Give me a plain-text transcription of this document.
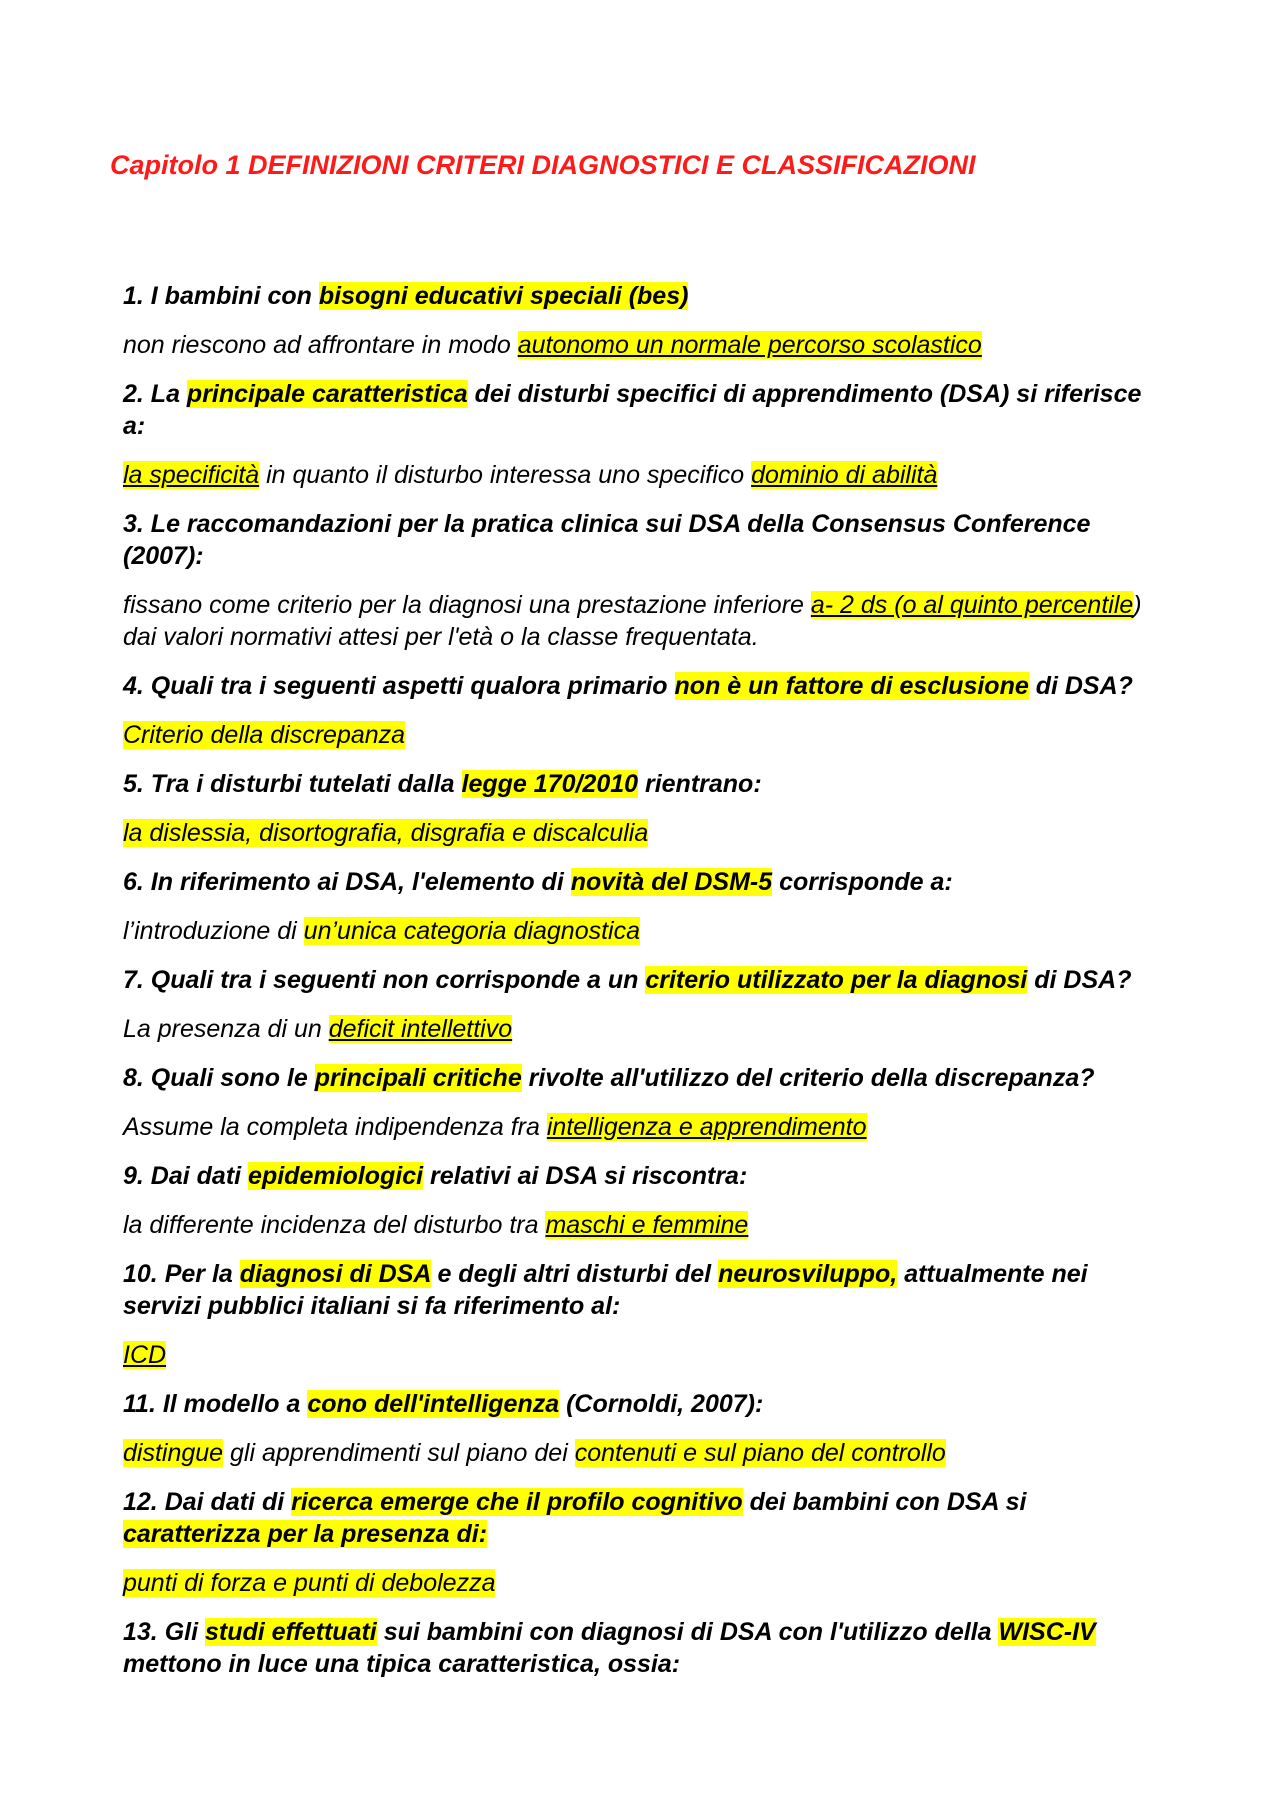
Capitolo 1 DEFINIZIONI CRITERI DIAGNOSTICI E CLASSIFICAZIONI

1. I bambini con bisogni educativi speciali (bes)

non riescono ad affrontare in modo autonomo un normale percorso scolastico

2. La principale caratteristica dei disturbi specifici di apprendimento (DSA) si riferisce a:

la specificità in quanto il disturbo interessa uno specifico dominio di abilità

3. Le raccomandazioni per la pratica clinica sui DSA della Consensus Conference (2007):

fissano come criterio per la diagnosi una prestazione inferiore a- 2 ds (o al quinto percentile) dai valori normativi attesi per l'età o la classe frequentata.

4. Quali tra i seguenti aspetti qualora primario non è un fattore di esclusione di DSA?

Criterio della discrepanza

5. Tra i disturbi tutelati dalla legge 170/2010 rientrano:

la dislessia, disortografia, disgrafia e discalculia

6. In riferimento ai DSA, l'elemento di novità del DSM-5 corrisponde a:

l’introduzione di un’unica categoria diagnostica

7. Quali tra i seguenti non corrisponde a un criterio utilizzato per la diagnosi di DSA?

La presenza di un deficit intellettivo

8. Quali sono le principali critiche rivolte all'utilizzo del criterio della discrepanza?

Assume la completa indipendenza fra intelligenza e apprendimento

9. Dai dati epidemiologici relativi ai DSA si riscontra:

la differente incidenza del disturbo tra maschi e femmine

10. Per la diagnosi di DSA e degli altri disturbi del neurosviluppo, attualmente nei servizi pubblici italiani si fa riferimento al:

ICD

11. Il modello a cono dell'intelligenza (Cornoldi, 2007):

distingue gli apprendimenti sul piano dei contenuti e sul piano del controllo

12. Dai dati di ricerca emerge che il profilo cognitivo dei bambini con DSA si caratterizza per la presenza di:

punti di forza e punti di debolezza

13. Gli studi effettuati sui bambini con diagnosi di DSA con l'utilizzo della WISC-IV mettono in luce una tipica caratteristica, ossia:
